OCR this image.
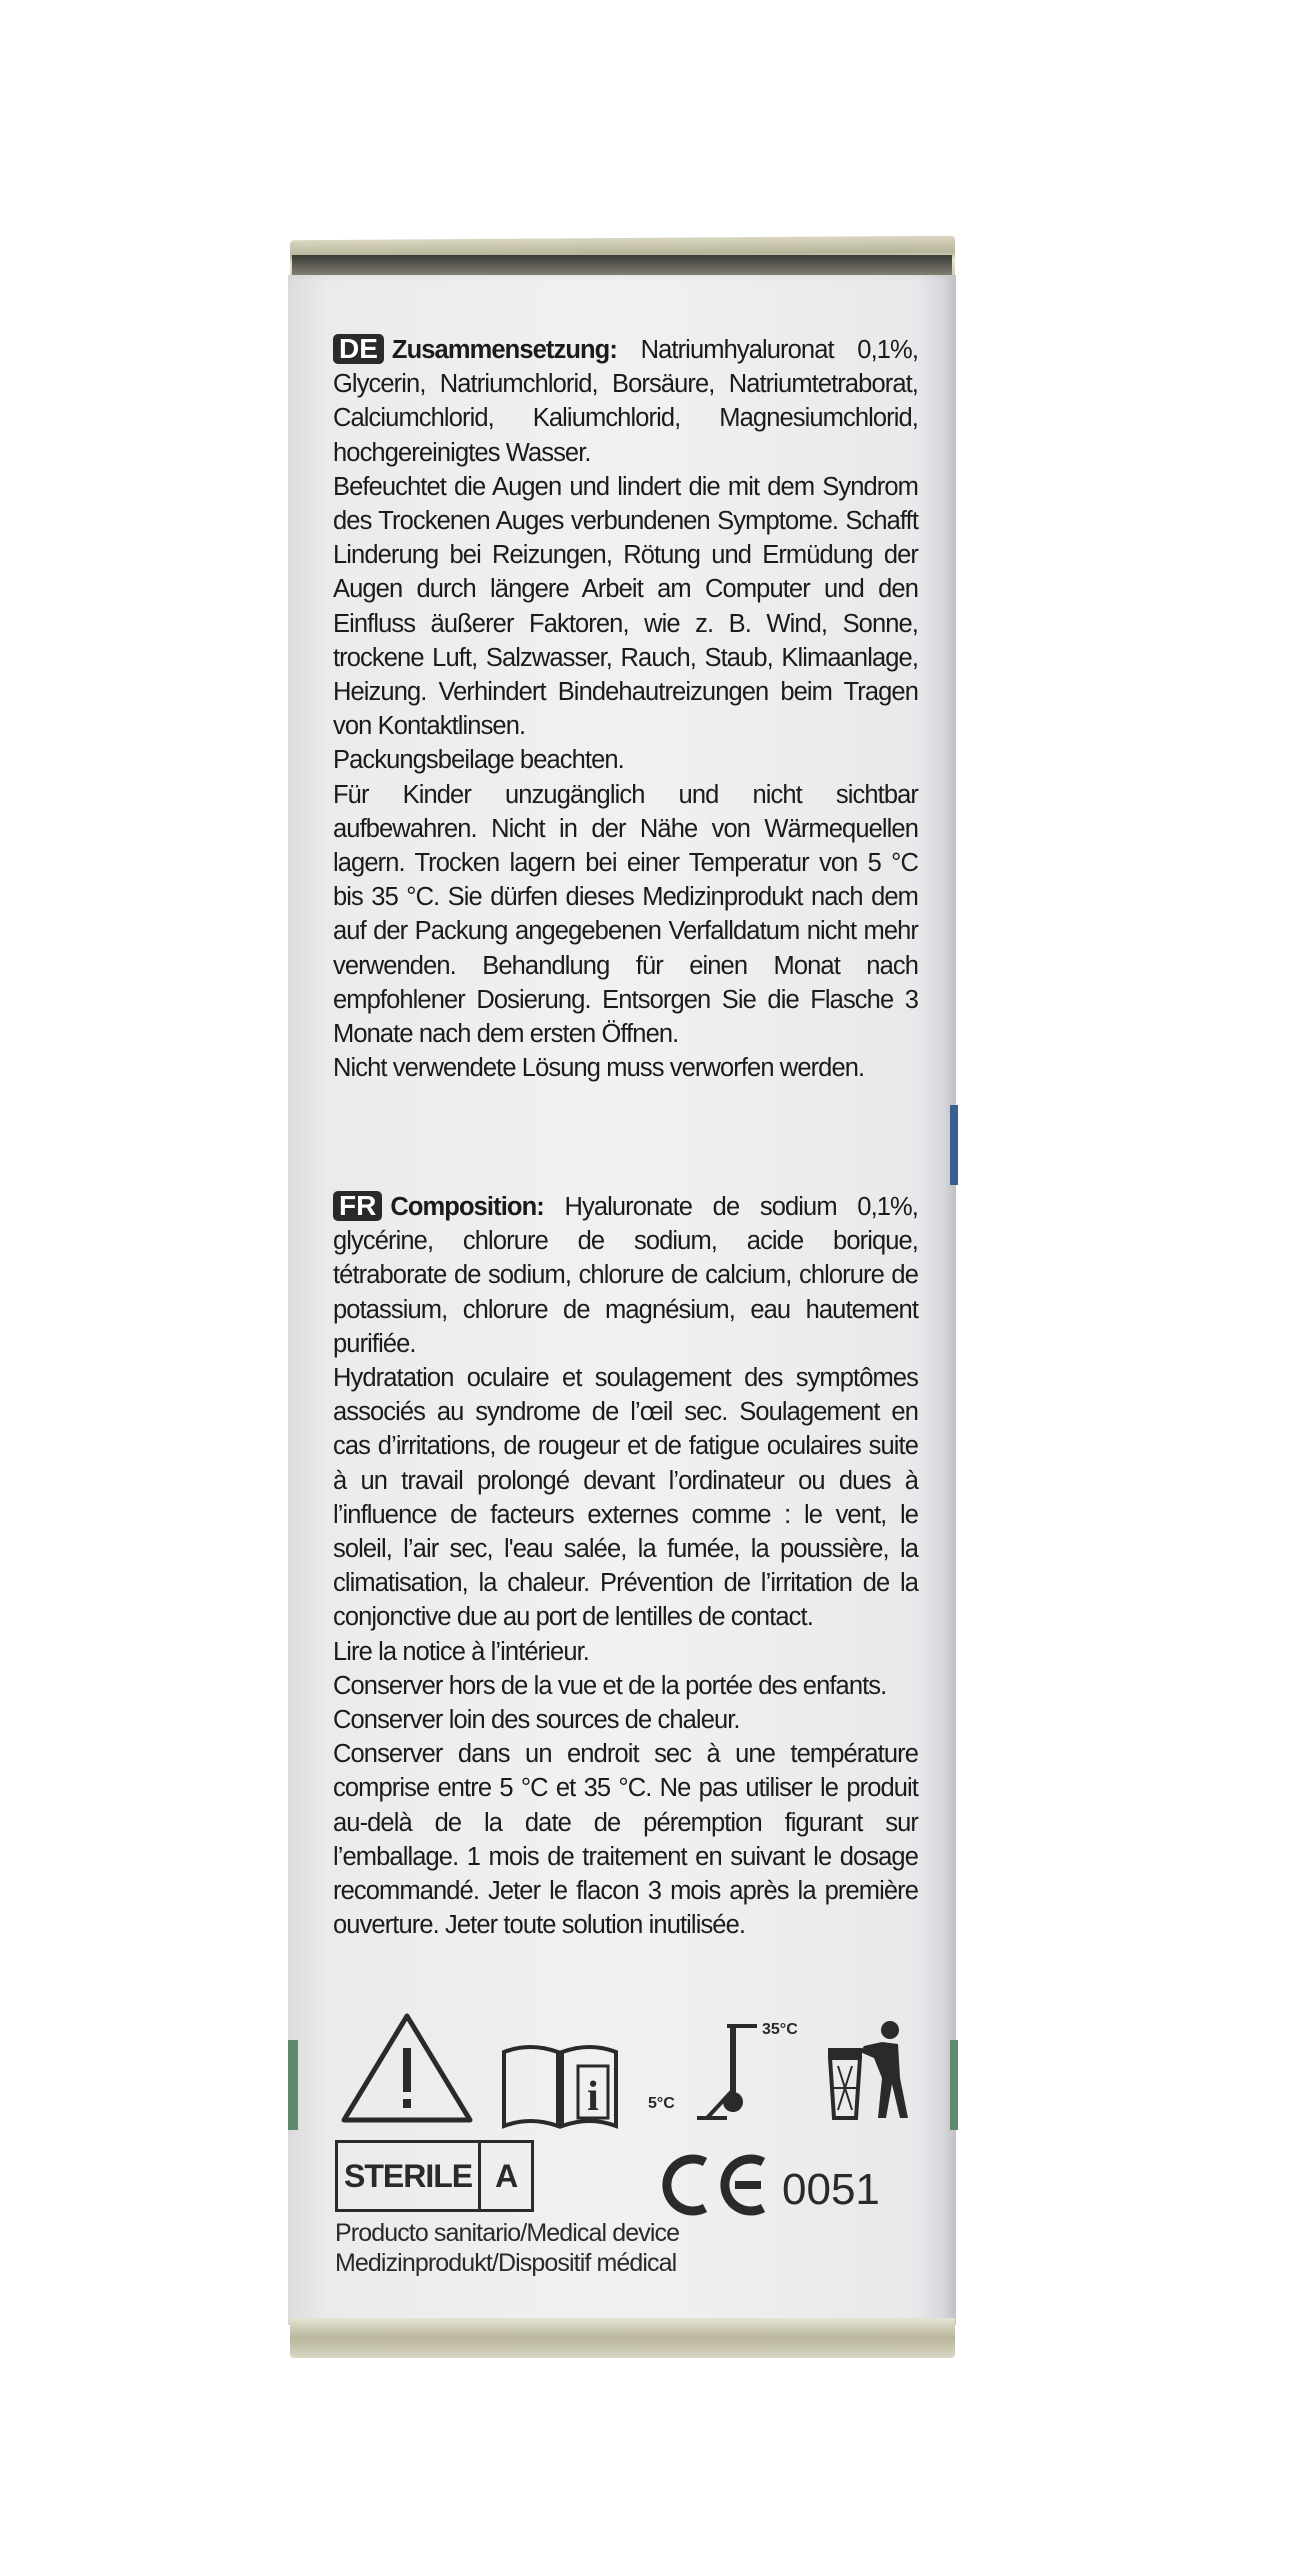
DE Zusammensetzung: Natriumhyaluronat 0,1%, Glycerin, Natriumchlorid, Borsäure, Natriumtetraborat, Calciumchlorid, Kaliumchlorid, Magnesiumchlorid, hochgereinigtes Wasser.

Befeuchtet die Augen und lindert die mit dem Syndrom des Trockenen Auges verbundenen Symptome. Schafft Linderung bei Reizungen, Rötung und Ermüdung der Augen durch längere Arbeit am Computer und den Einfluss äußerer Faktoren, wie z. B. Wind, Sonne, trockene Luft, Salzwasser, Rauch, Staub, Klimaanlage, Heizung. Verhindert Bindehautreizungen beim Tragen von Kontaktlinsen.

Packungsbeilage beachten.

Für Kinder unzugänglich und nicht sichtbar aufbewahren. Nicht in der Nähe von Wärmequellen lagern. Trocken lagern bei einer Temperatur von 5 °C bis 35 °C. Sie dürfen dieses Medizinprodukt nach dem auf der Packung angegebenen Verfalldatum nicht mehr verwenden. Behandlung für einen Monat nach empfohlener Dosierung. Entsorgen Sie die Flasche 3 Monate nach dem ersten Öffnen.

Nicht verwendete Lösung muss verworfen werden.

FR Composition: Hyaluronate de sodium 0,1%, glycérine, chlorure de sodium, acide borique, tétraborate de sodium, chlorure de calcium, chlorure de potassium, chlorure de magnésium, eau hautement purifiée.

Hydratation oculaire et soulagement des symptômes associés au syndrome de l’œil sec. Soulagement en cas d’irritations, de rougeur et de fatigue oculaires suite à un travail prolongé devant l’ordinateur ou dues à l’influence de facteurs externes comme : le vent, le soleil, l’air sec, l'eau salée, la fumée, la poussière, la climatisation, la chaleur. Prévention de l’irritation de la conjonctive due au port de lentilles de contact.

Lire la notice à l’intérieur.

Conserver hors de la vue et de la portée des enfants.

Conserver loin des sources de chaleur.

Conserver dans un endroit sec à une température comprise entre 5 °C et 35 °C. Ne pas utiliser le produit au-delà de la date de péremption figurant sur l’emballage. 1 mois de traitement en suivant le dosage recommandé. Jeter le flacon 3 mois après la première ouverture. Jeter toute solution inutilisée.

i	5°C
35°C
STERILE A	0051
Producto sanitario/Medical device
Medizinprodukt/Dispositif médical
